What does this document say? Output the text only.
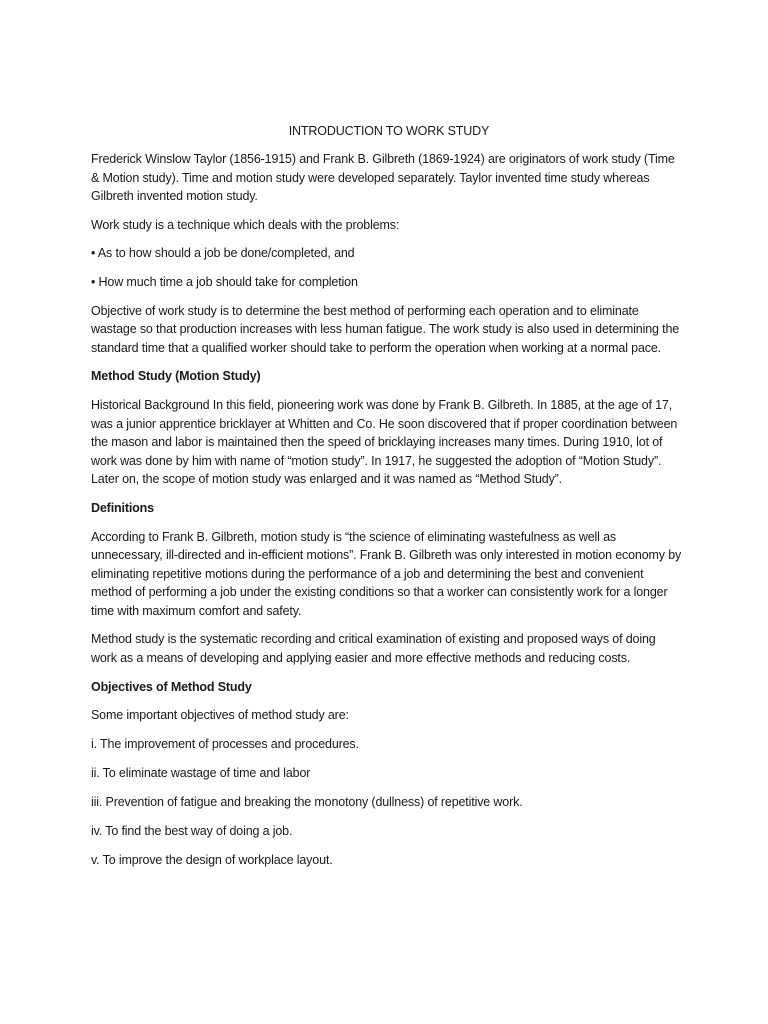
INTRODUCTION TO WORK STUDY

Frederick Winslow Taylor (1856-1915) and Frank B. Gilbreth (1869-1924) are originators of work study (Time & Motion study). Time and motion study were developed separately. Taylor invented time study whereas Gilbreth invented motion study.

Work study is a technique which deals with the problems:

• As to how should a job be done/completed, and

• How much time a job should take for completion

Objective of work study is to determine the best method of performing each operation and to eliminate wastage so that production increases with less human fatigue. The work study is also used in determining the standard time that a qualified worker should take to perform the operation when working at a normal pace.

Method Study (Motion Study)

Historical Background In this field, pioneering work was done by Frank B. Gilbreth. In 1885, at the age of 17, was a junior apprentice bricklayer at Whitten and Co. He soon discovered that if proper coordination between the mason and labor is maintained then the speed of bricklaying increases many times. During 1910, lot of work was done by him with name of “motion study”. In 1917, he suggested the adoption of “Motion Study”. Later on, the scope of motion study was enlarged and it was named as “Method Study”.

Definitions

According to Frank B. Gilbreth, motion study is “the science of eliminating wastefulness as well as unnecessary, ill-directed and in-efficient motions”. Frank B. Gilbreth was only interested in motion economy by eliminating repetitive motions during the performance of a job and determining the best and convenient method of performing a job under the existing conditions so that a worker can consistently work for a longer time with maximum comfort and safety.

Method study is the systematic recording and critical examination of existing and proposed ways of doing work as a means of developing and applying easier and more effective methods and reducing costs.

Objectives of Method Study

Some important objectives of method study are:

i. The improvement of processes and procedures.

ii. To eliminate wastage of time and labor

iii. Prevention of fatigue and breaking the monotony (dullness) of repetitive work.

iv. To find the best way of doing a job.

v. To improve the design of workplace layout.
